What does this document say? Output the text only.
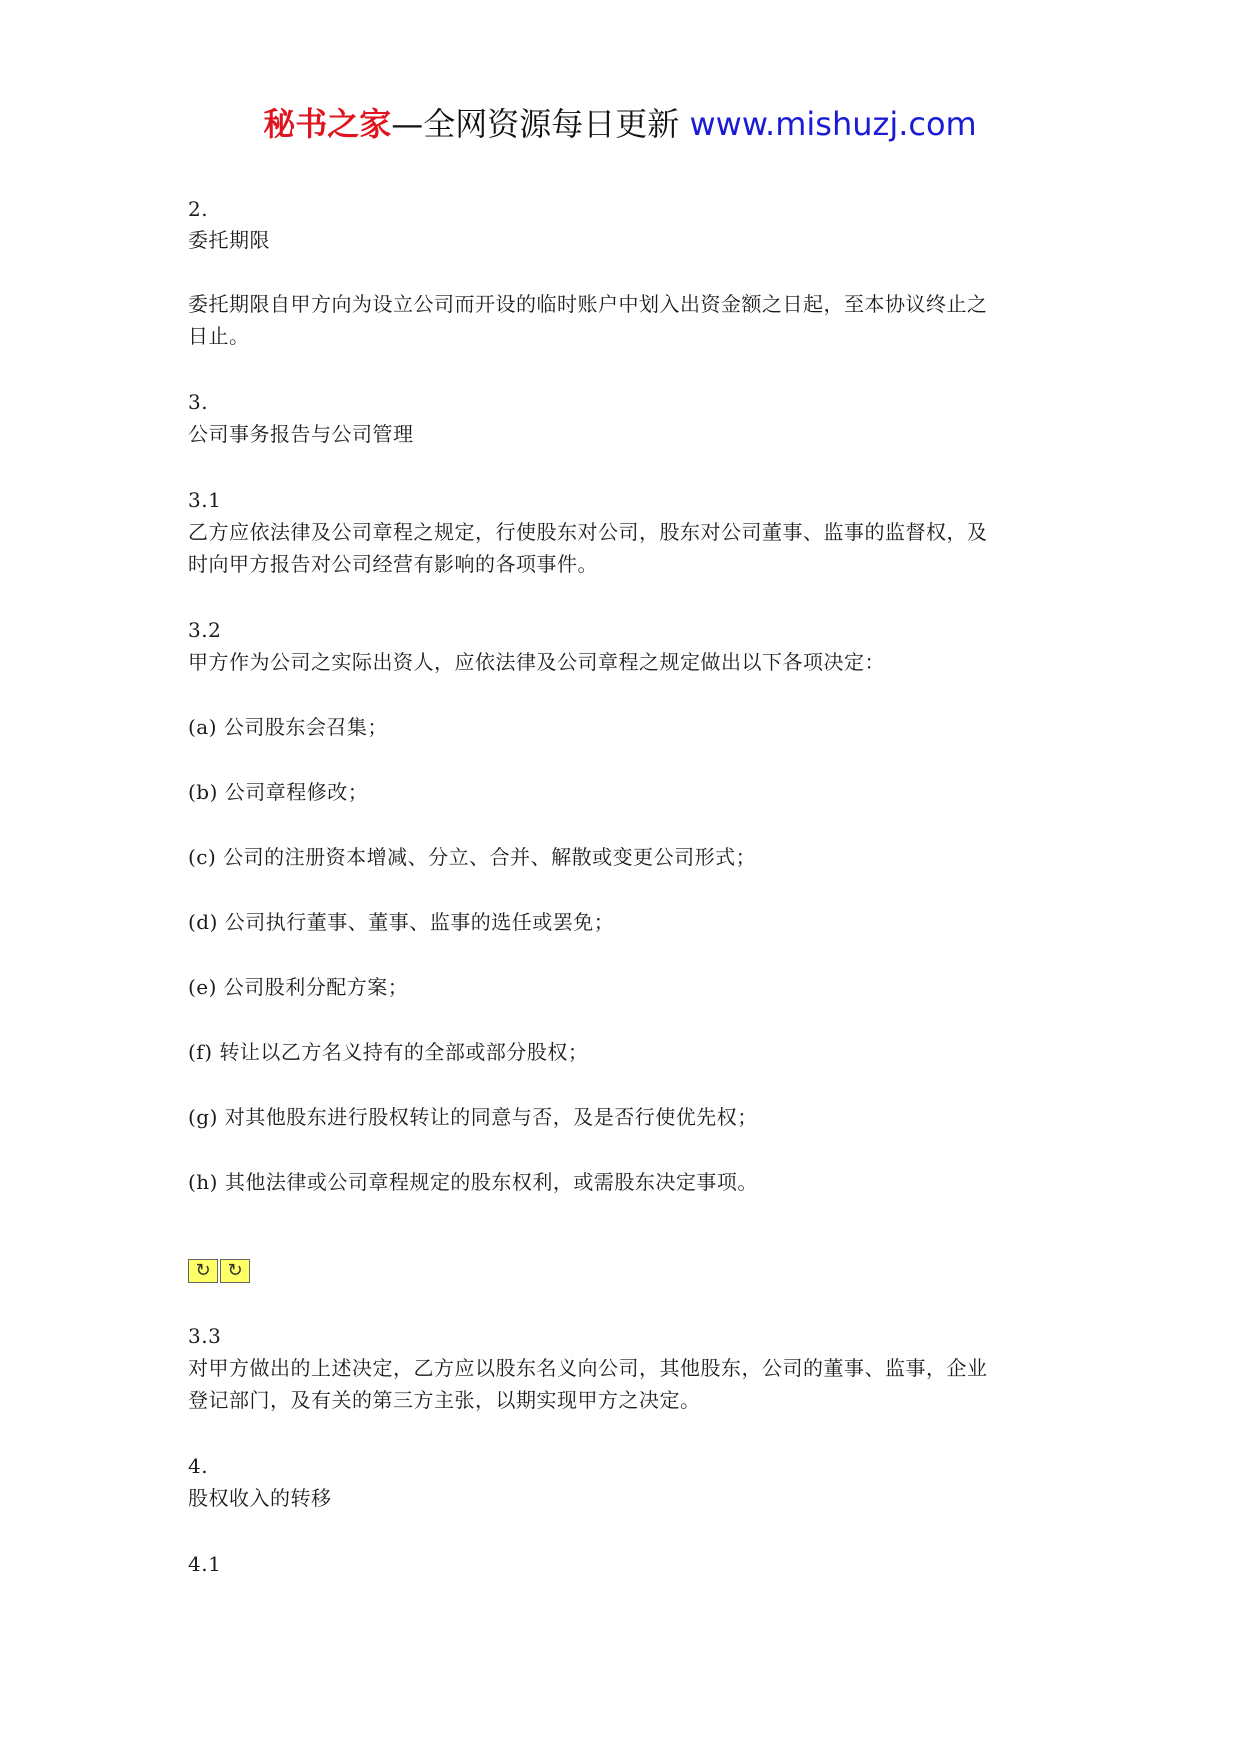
秘书之家—全网资源每日更新 www.mishuzj.com
2.
委托期限
委托期限自甲方向为设立公司而开设的临时账户中划入出资金额之日起，至本协议终止之
日止。
3.
公司事务报告与公司管理
3.1
乙方应依法律及公司章程之规定，行使股东对公司，股东对公司董事、监事的监督权，及
时向甲方报告对公司经营有影响的各项事件。
3.2
甲方作为公司之实际出资人，应依法律及公司章程之规定做出以下各项决定：
(a) 公司股东会召集；
(b) 公司章程修改；
(c) 公司的注册资本增减、分立、合并、解散或变更公司形式；
(d) 公司执行董事、董事、监事的选任或罢免；
(e) 公司股利分配方案；
(f) 转让以乙方名义持有的全部或部分股权；
(g) 对其他股东进行股权转让的同意与否，及是否行使优先权；
(h) 其他法律或公司章程规定的股东权利，或需股东决定事项。
↻ ↻
3.3
对甲方做出的上述决定，乙方应以股东名义向公司，其他股东，公司的董事、监事，企业
登记部门，及有关的第三方主张，以期实现甲方之决定。
4.
股权收入的转移
4.1
